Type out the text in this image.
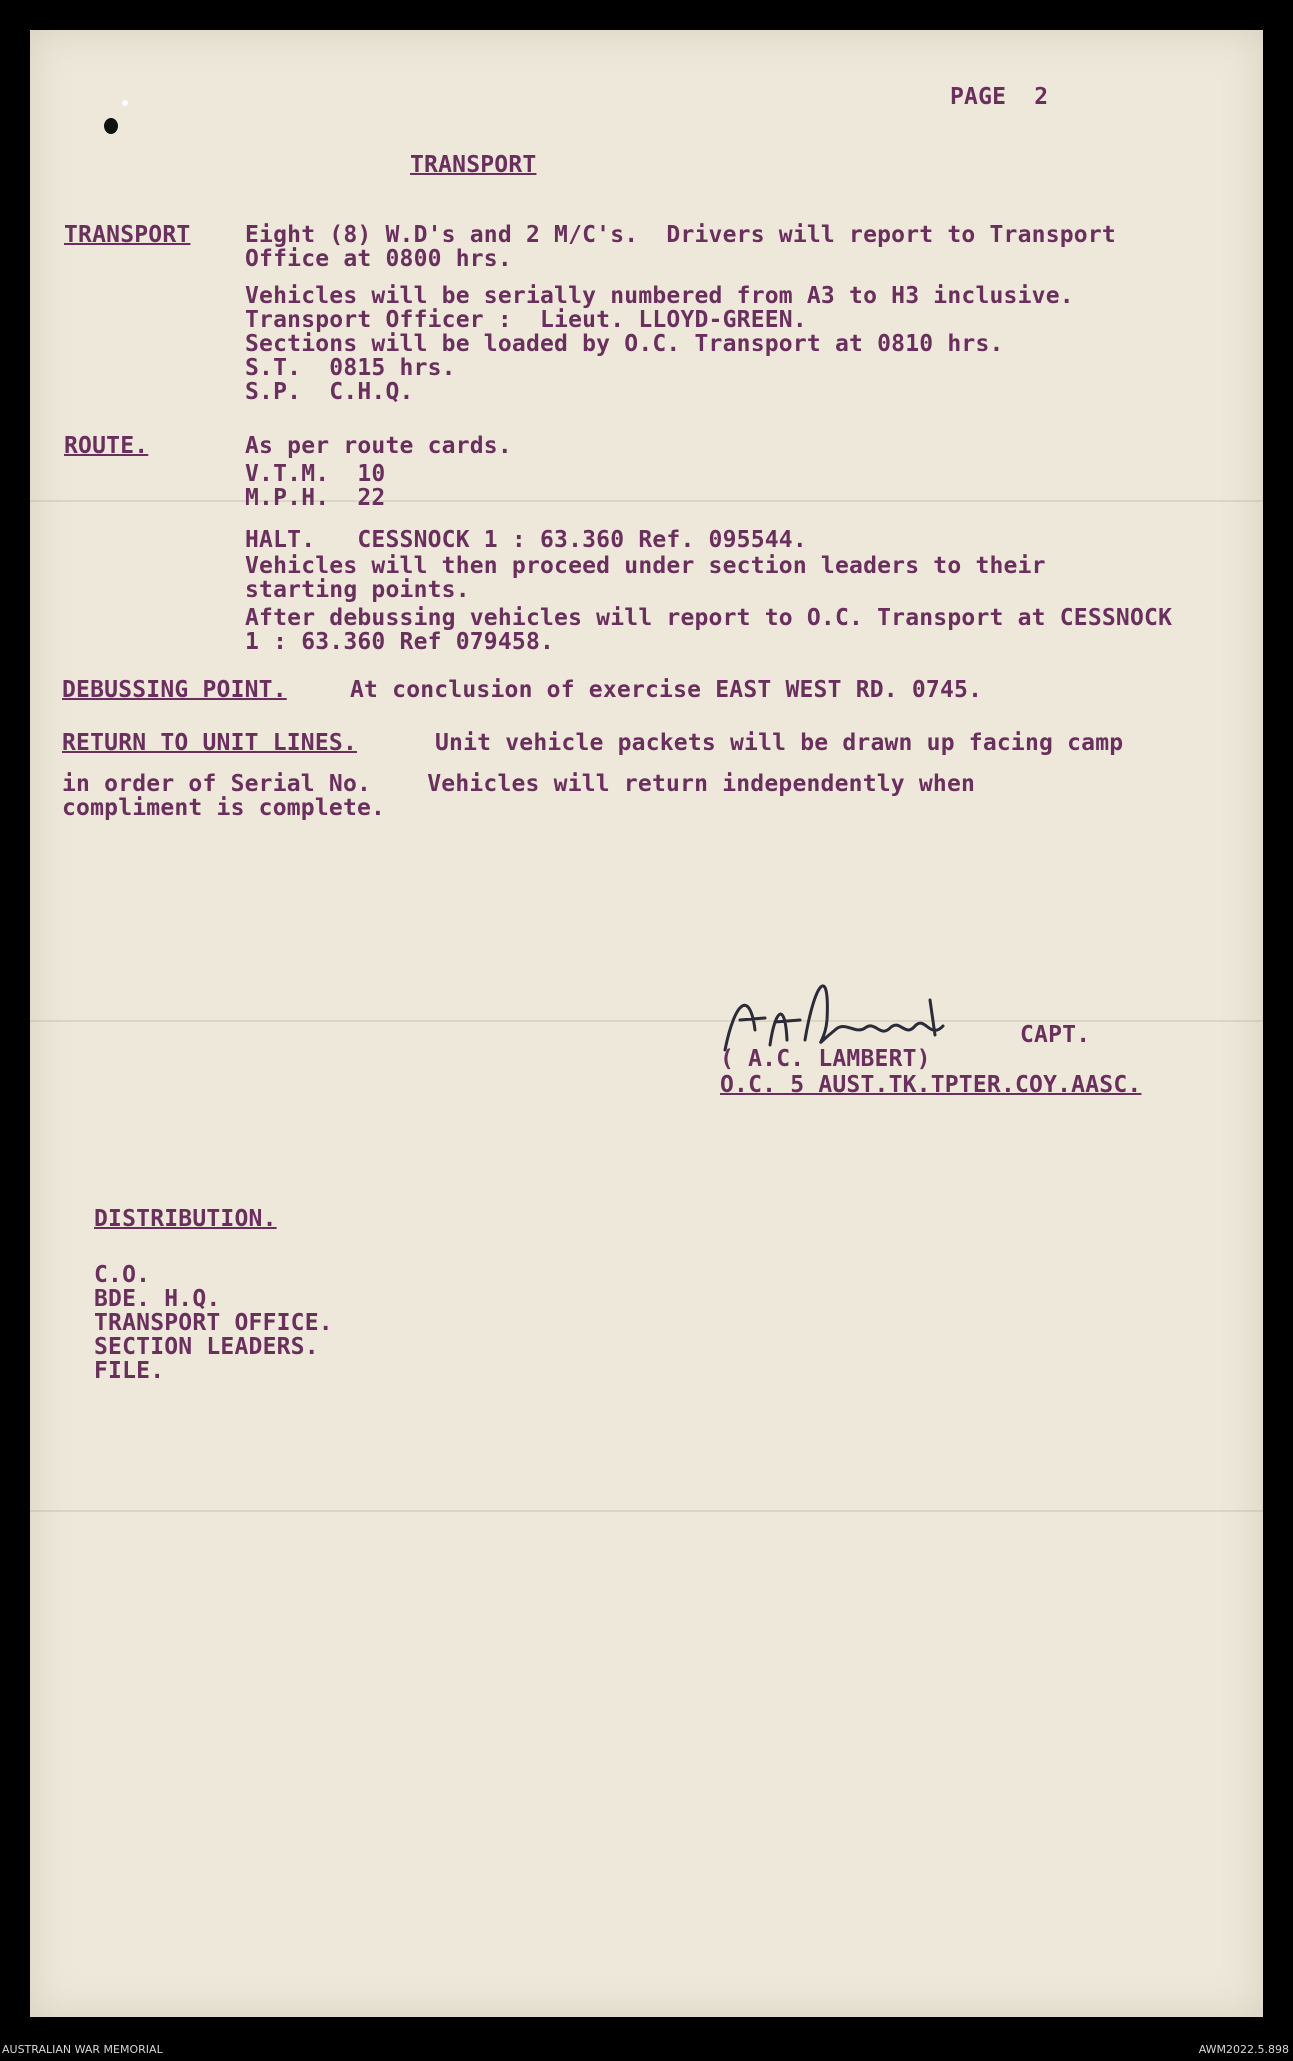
PAGE  2
TRANSPORT
TRANSPORT Eight (8) W.D's and 2 M/C's.  Drivers will report to Transport
Office at 0800 hrs.
Vehicles will be serially numbered from A3 to H3 inclusive.
Transport Officer :  Lieut. LLOYD-GREEN.
Sections will be loaded by O.C. Transport at 0810 hrs.
S.T.  0815 hrs.
S.P.  C.H.Q.
ROUTE.	As per route cards.
V.T.M.  10
M.P.H.  22
HALT.   CESSNOCK 1 : 63.360 Ref. 095544.
Vehicles will then proceed under section leaders to their
starting points.
After debussing vehicles will report to O.C. Transport at CESSNOCK
1 : 63.360 Ref 079458.
DEBUSSING POINT.	At conclusion of exercise EAST WEST RD. 0745.
RETURN TO UNIT LINES.	Unit vehicle packets will be drawn up facing camp
in order of Serial No.    Vehicles will return independently when
compliment is complete.
CAPT.
( A.C. LAMBERT)
O.C. 5 AUST.TK.TPTER.COY.AASC.
DISTRIBUTION.
C.O.
BDE. H.Q.
TRANSPORT OFFICE.
SECTION LEADERS.
FILE.
AUSTRALIAN WAR MEMORIAL	AWM2022.5.898
